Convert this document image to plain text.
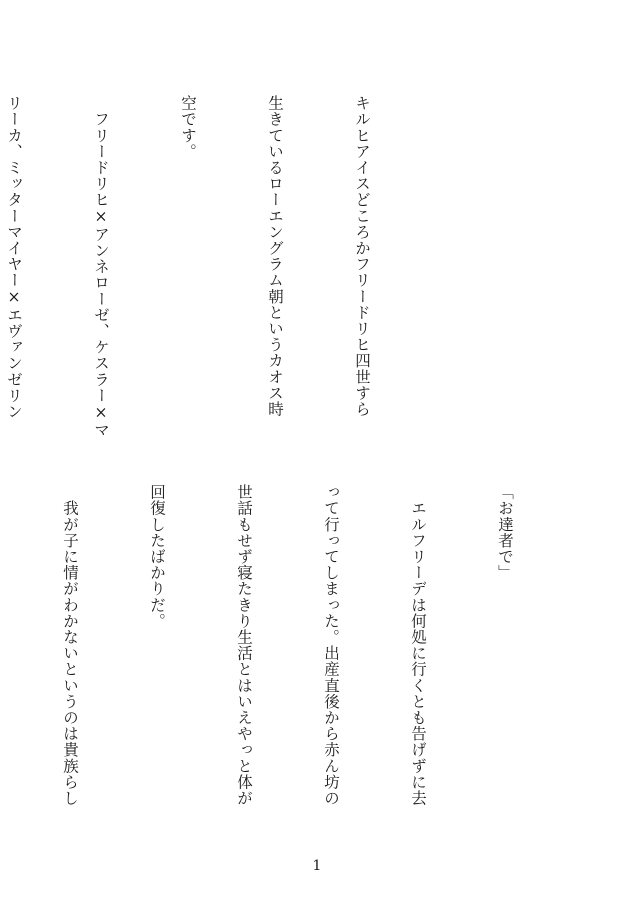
キルヒアイスどころかフリードリヒ四世すら

生きているローエングラム朝というカオス時

空です。

　フリードリヒ×アンネローゼ、ケスラー×マ

リーカ、ミッターマイヤー×エヴァンゼリン

「お達者で」

　エルフリーデは何処に行くとも告げずに去

って行ってしまった。出産直後から赤ん坊の

世話もせず寝たきり生活とはいえやっと体が

回復したばかりだ。

　我が子に情がわかないというのは貴族らし

1
